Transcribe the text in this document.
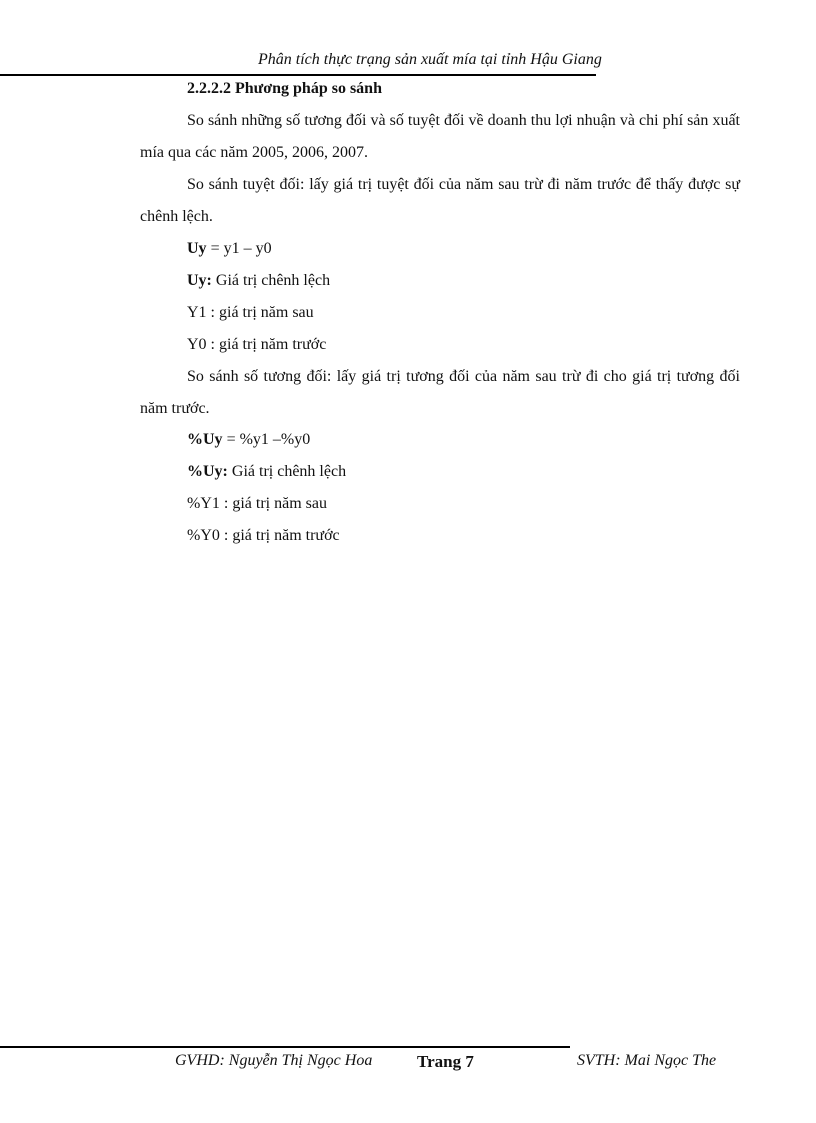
Phân tích thực trạng sản xuất mía tại tỉnh Hậu Giang
2.2.2.2 Phương pháp so sánh
So sánh những số tương đối và số tuyệt đối về doanh thu lợi nhuận và chi phí sản xuất mía qua các năm 2005, 2006, 2007.
So sánh tuyệt đối: lấy giá trị tuyệt đối của năm sau trừ đi năm trước để thấy được sự chênh lệch.
Uy = y1 – y0
Uy: Giá trị chênh lệch
Y1 : giá trị năm sau
Y0 : giá trị năm trước
So sánh số tương đối: lấy giá trị tương đối của năm sau trừ đi cho giá trị tương đối năm trước.
%Uy = %y1 –%y0
%Uy: Giá trị chênh lệch
%Y1 : giá trị năm sau
%Y0 : giá trị năm trước
GVHD: Nguyễn Thị Ngọc Hoa	Trang 7	SVTH: Mai Ngọc The
